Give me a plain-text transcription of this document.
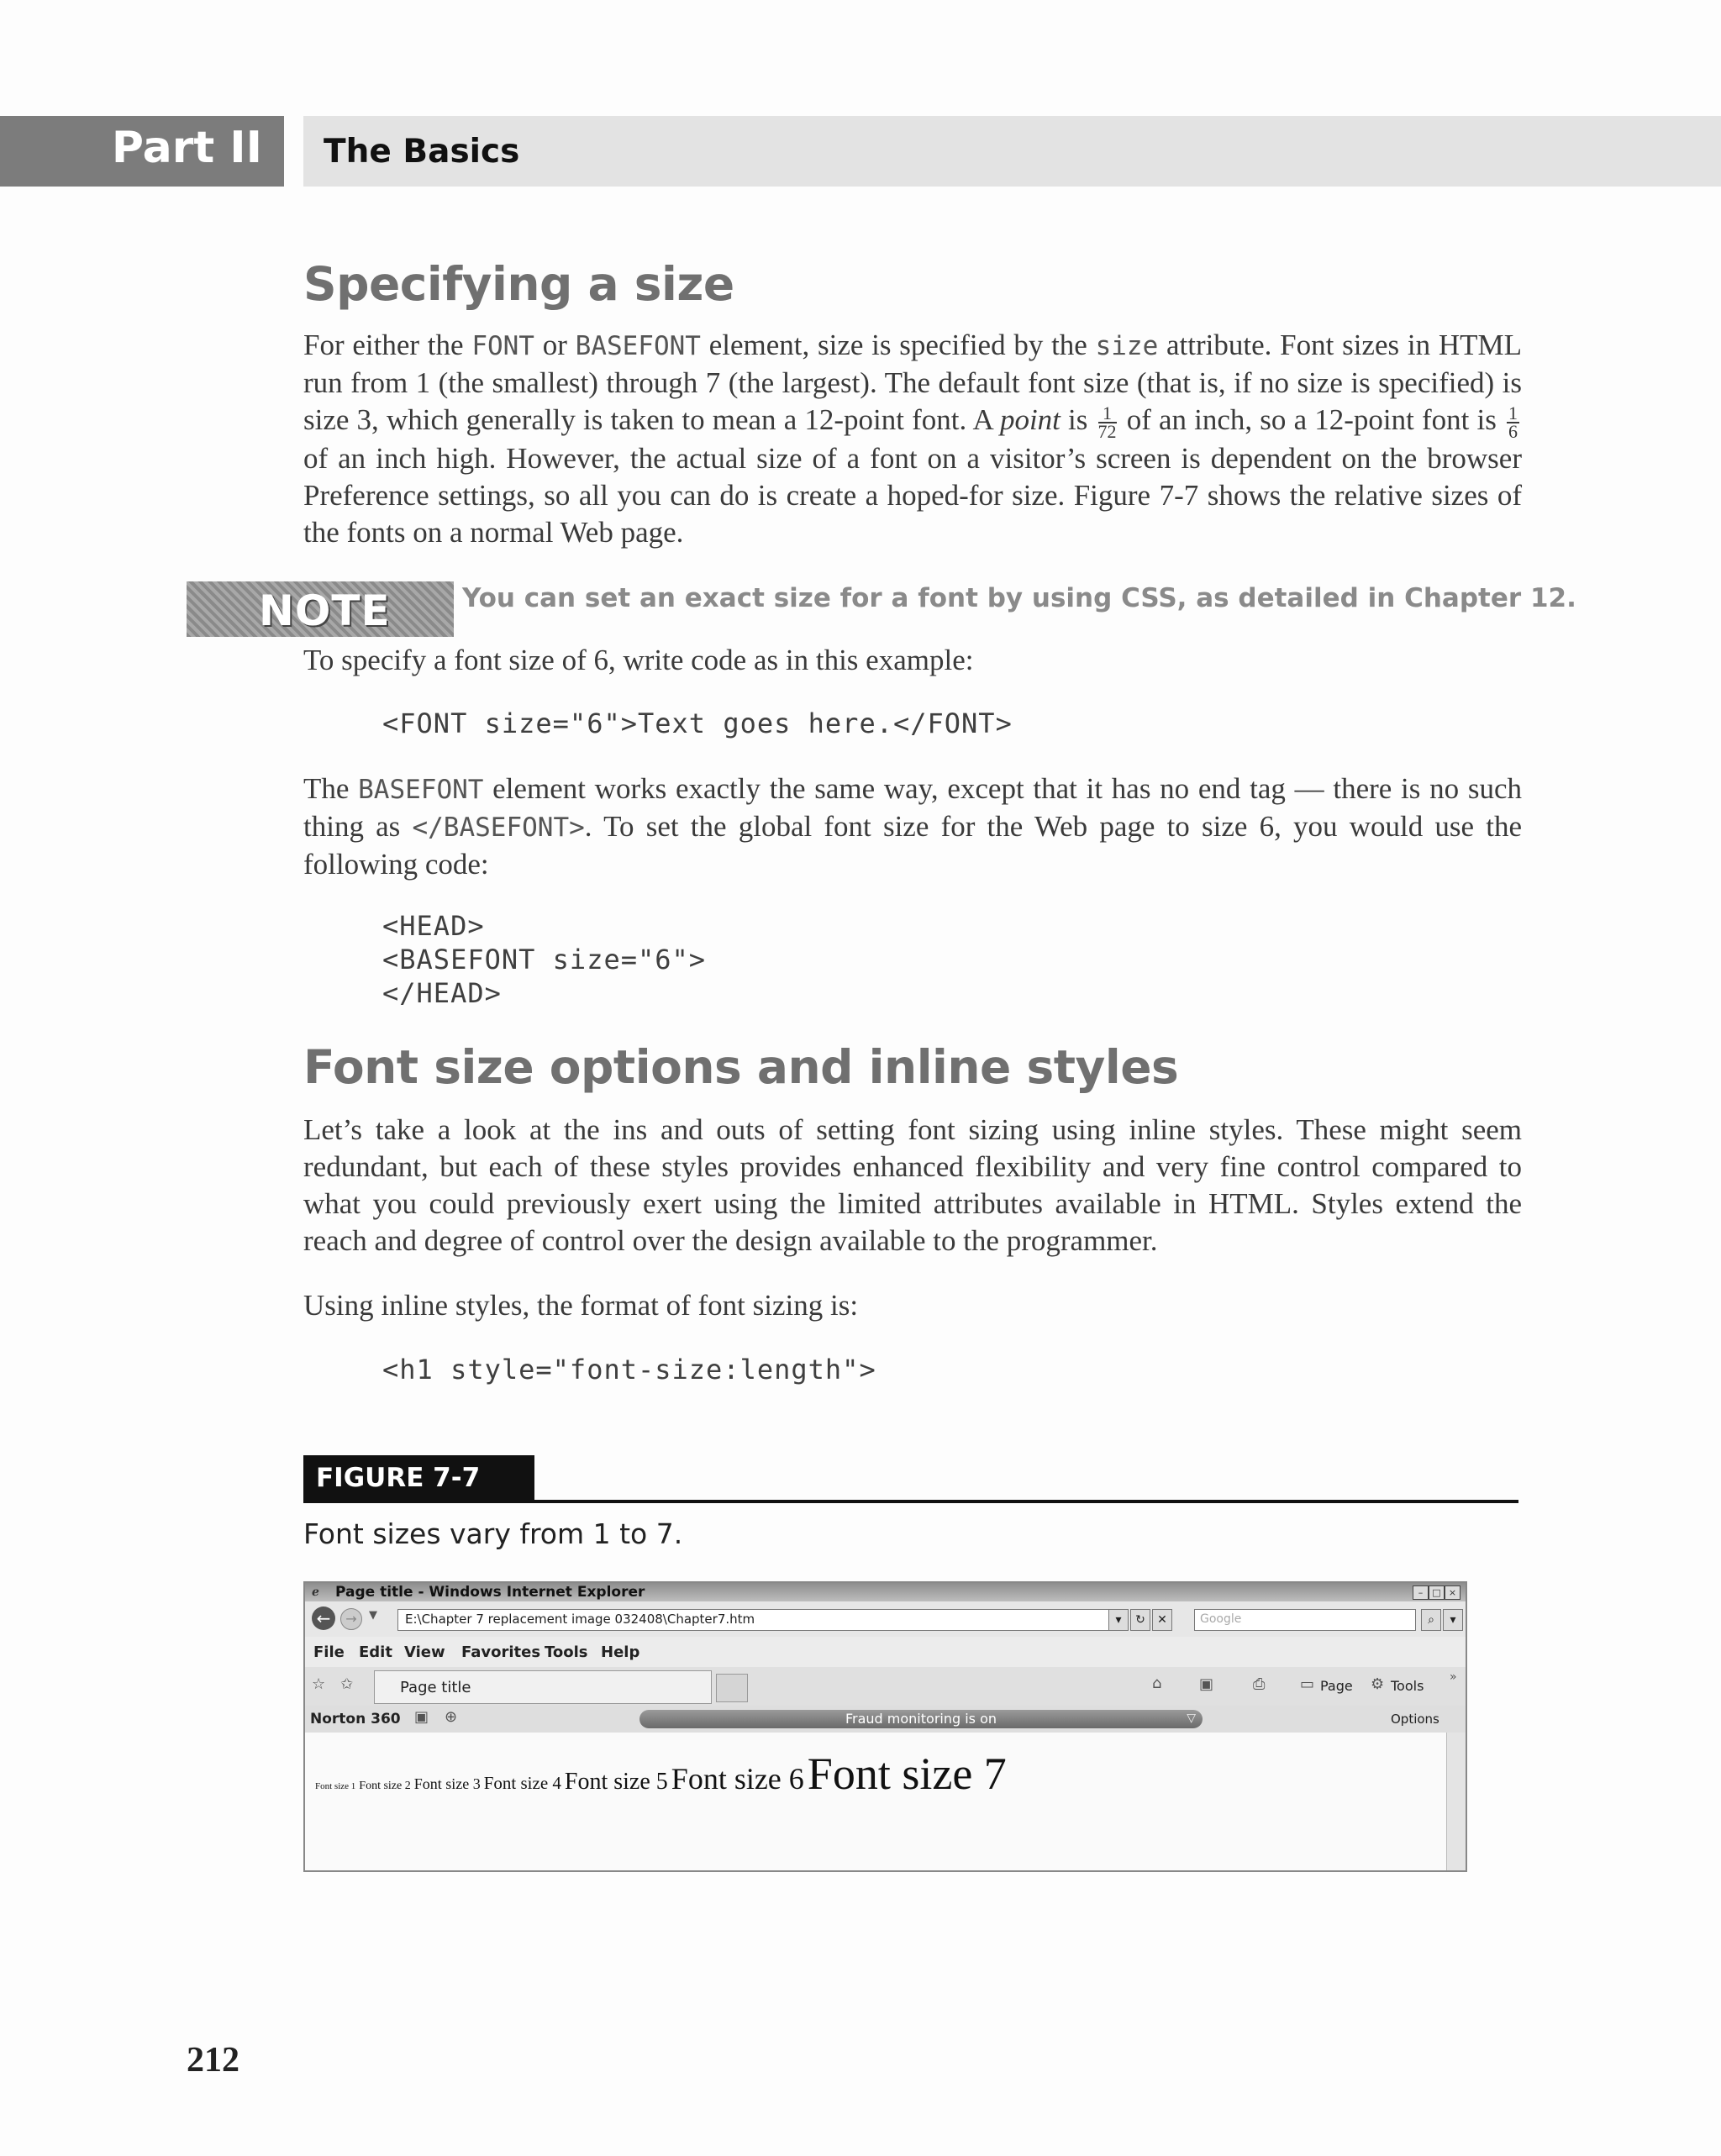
Part II The Basics
Specifying a size

For either the FONT or BASEFONT element, size is specified by the size attribute. Font sizes in HTML run from 1 (the smallest) through 7 (the largest). The default font size (that is, if no size is specified) is size 3, which generally is taken to mean a 12-point font. A point is $\frac{1}{72}$ of an inch, so a 12-point font is $\frac{1}{6}$
of an inch high. However, the actual size of a font on a visitor’s screen is dependent on the browser Preference settings, so all you can do is create a hoped-for size. Figure 7-7 shows the relative sizes of the fonts on a normal Web page.

NOTE	You can set an exact size for a font by using CSS, as detailed in Chapter 12.

To specify a font size of 6, write code as in this example:

<FONT size="6">Text goes here.</FONT>

The BASEFONT element works exactly the same way, except that it has no end tag — there is no such thing as </BASEFONT>. To set the global font size for the Web page to size 6, you would use the following code:

<HEAD>
<BASEFONT size="6">
</HEAD>
Font size options and inline styles

Let’s take a look at the ins and outs of setting font sizing using inline styles. These might seem redundant, but each of these styles provides enhanced flexibility and very fine control compared to what you could previously exert using the limited attributes available in HTML. Styles extend the reach and degree of control over the design available to the programmer.

Using inline styles, the format of font sizing is:

<h1 style="font-size:length">
FIGURE 7-7
Font sizes vary from 1 to 7.
ℯ Page title - Windows Internet Explorer	–	□ ×
←	→	▼ E:\Chapter 7 replacement image 032408\Chapter7.htm	▾	↻	✕	Google	⌕	▾
File Edit View Favorites Tools Help
☆ ✩	Page title	⌂ ▣	⎙ ▭ Page ⚙ Tools
»
Norton 360 ▣ ⊕	Fraud monitoring is on	▽	Options
Font size 1 Font size 2 Font size 3 Font size 4 Font size 5 Font size 6 Font size 7
212
